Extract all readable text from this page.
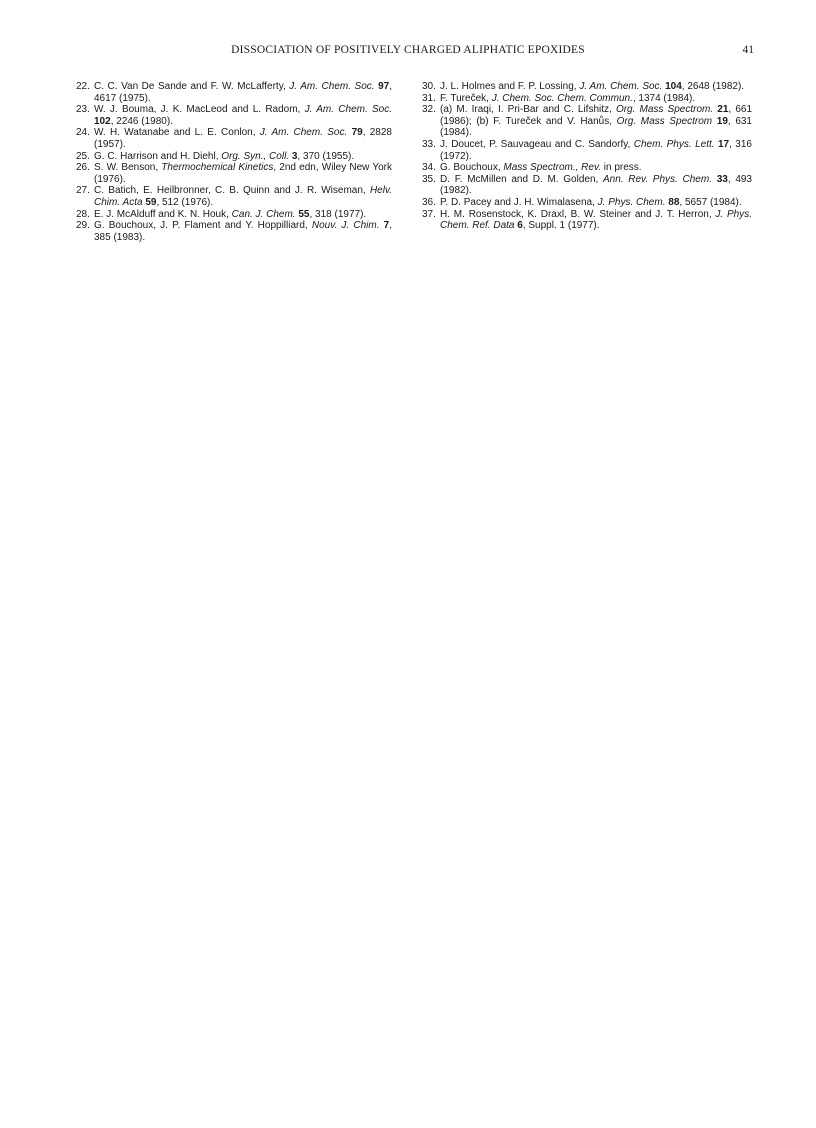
DISSOCIATION OF POSITIVELY CHARGED ALIPHATIC EPOXIDES	41

22. C. C. Van De Sande and F. W. McLafferty, J. Am. Chem. Soc. 97, 4617 (1975).

23. W. J. Bouma, J. K. MacLeod and L. Radom, J. Am. Chem. Soc. 102, 2246 (1980).

24. W. H. Watanabe and L. E. Conlon, J. Am. Chem. Soc. 79, 2828 (1957).

25. G. C. Harrison and H. Diehl, Org. Syn., Coll. 3, 370 (1955).

26. S. W. Benson, Thermochemical Kinetics, 2nd edn, Wiley New York (1976).

27. C. Batich, E. Heilbronner, C. B. Quinn and J. R. Wiseman, Helv. Chim. Acta 59, 512 (1976).

28. E. J. McAlduff and K. N. Houk, Can. J. Chem. 55, 318 (1977).

29. G. Bouchoux, J. P. Flament and Y. Hoppilliard, Nouv. J. Chim. 7, 385 (1983).

30. J. L. Holmes and F. P. Lossing, J. Am. Chem. Soc. 104, 2648 (1982).

31. F. Tureček, J. Chem. Soc. Chem. Commun., 1374 (1984).

32. (a) M. Iraqi, I. Pri-Bar and C. Lifshitz, Org. Mass Spectrom. 21, 661 (1986); (b) F. Tureček and V. Hanůs, Org. Mass Spectrom 19, 631 (1984).

33. J. Doucet, P. Sauvageau and C. Sandorfy, Chem. Phys. Lett. 17, 316 (1972).

34. G. Bouchoux, Mass Spectrom., Rev. in press.

35. D. F. McMillen and D. M. Golden, Ann. Rev. Phys. Chem. 33, 493 (1982).

36. P. D. Pacey and J. H. Wimalasena, J. Phys. Chem. 88, 5657 (1984).

37. H. M. Rosenstock, K. Draxl, B. W. Steiner and J. T. Herron, J. Phys. Chem. Ref. Data 6, Suppl. 1 (1977).
